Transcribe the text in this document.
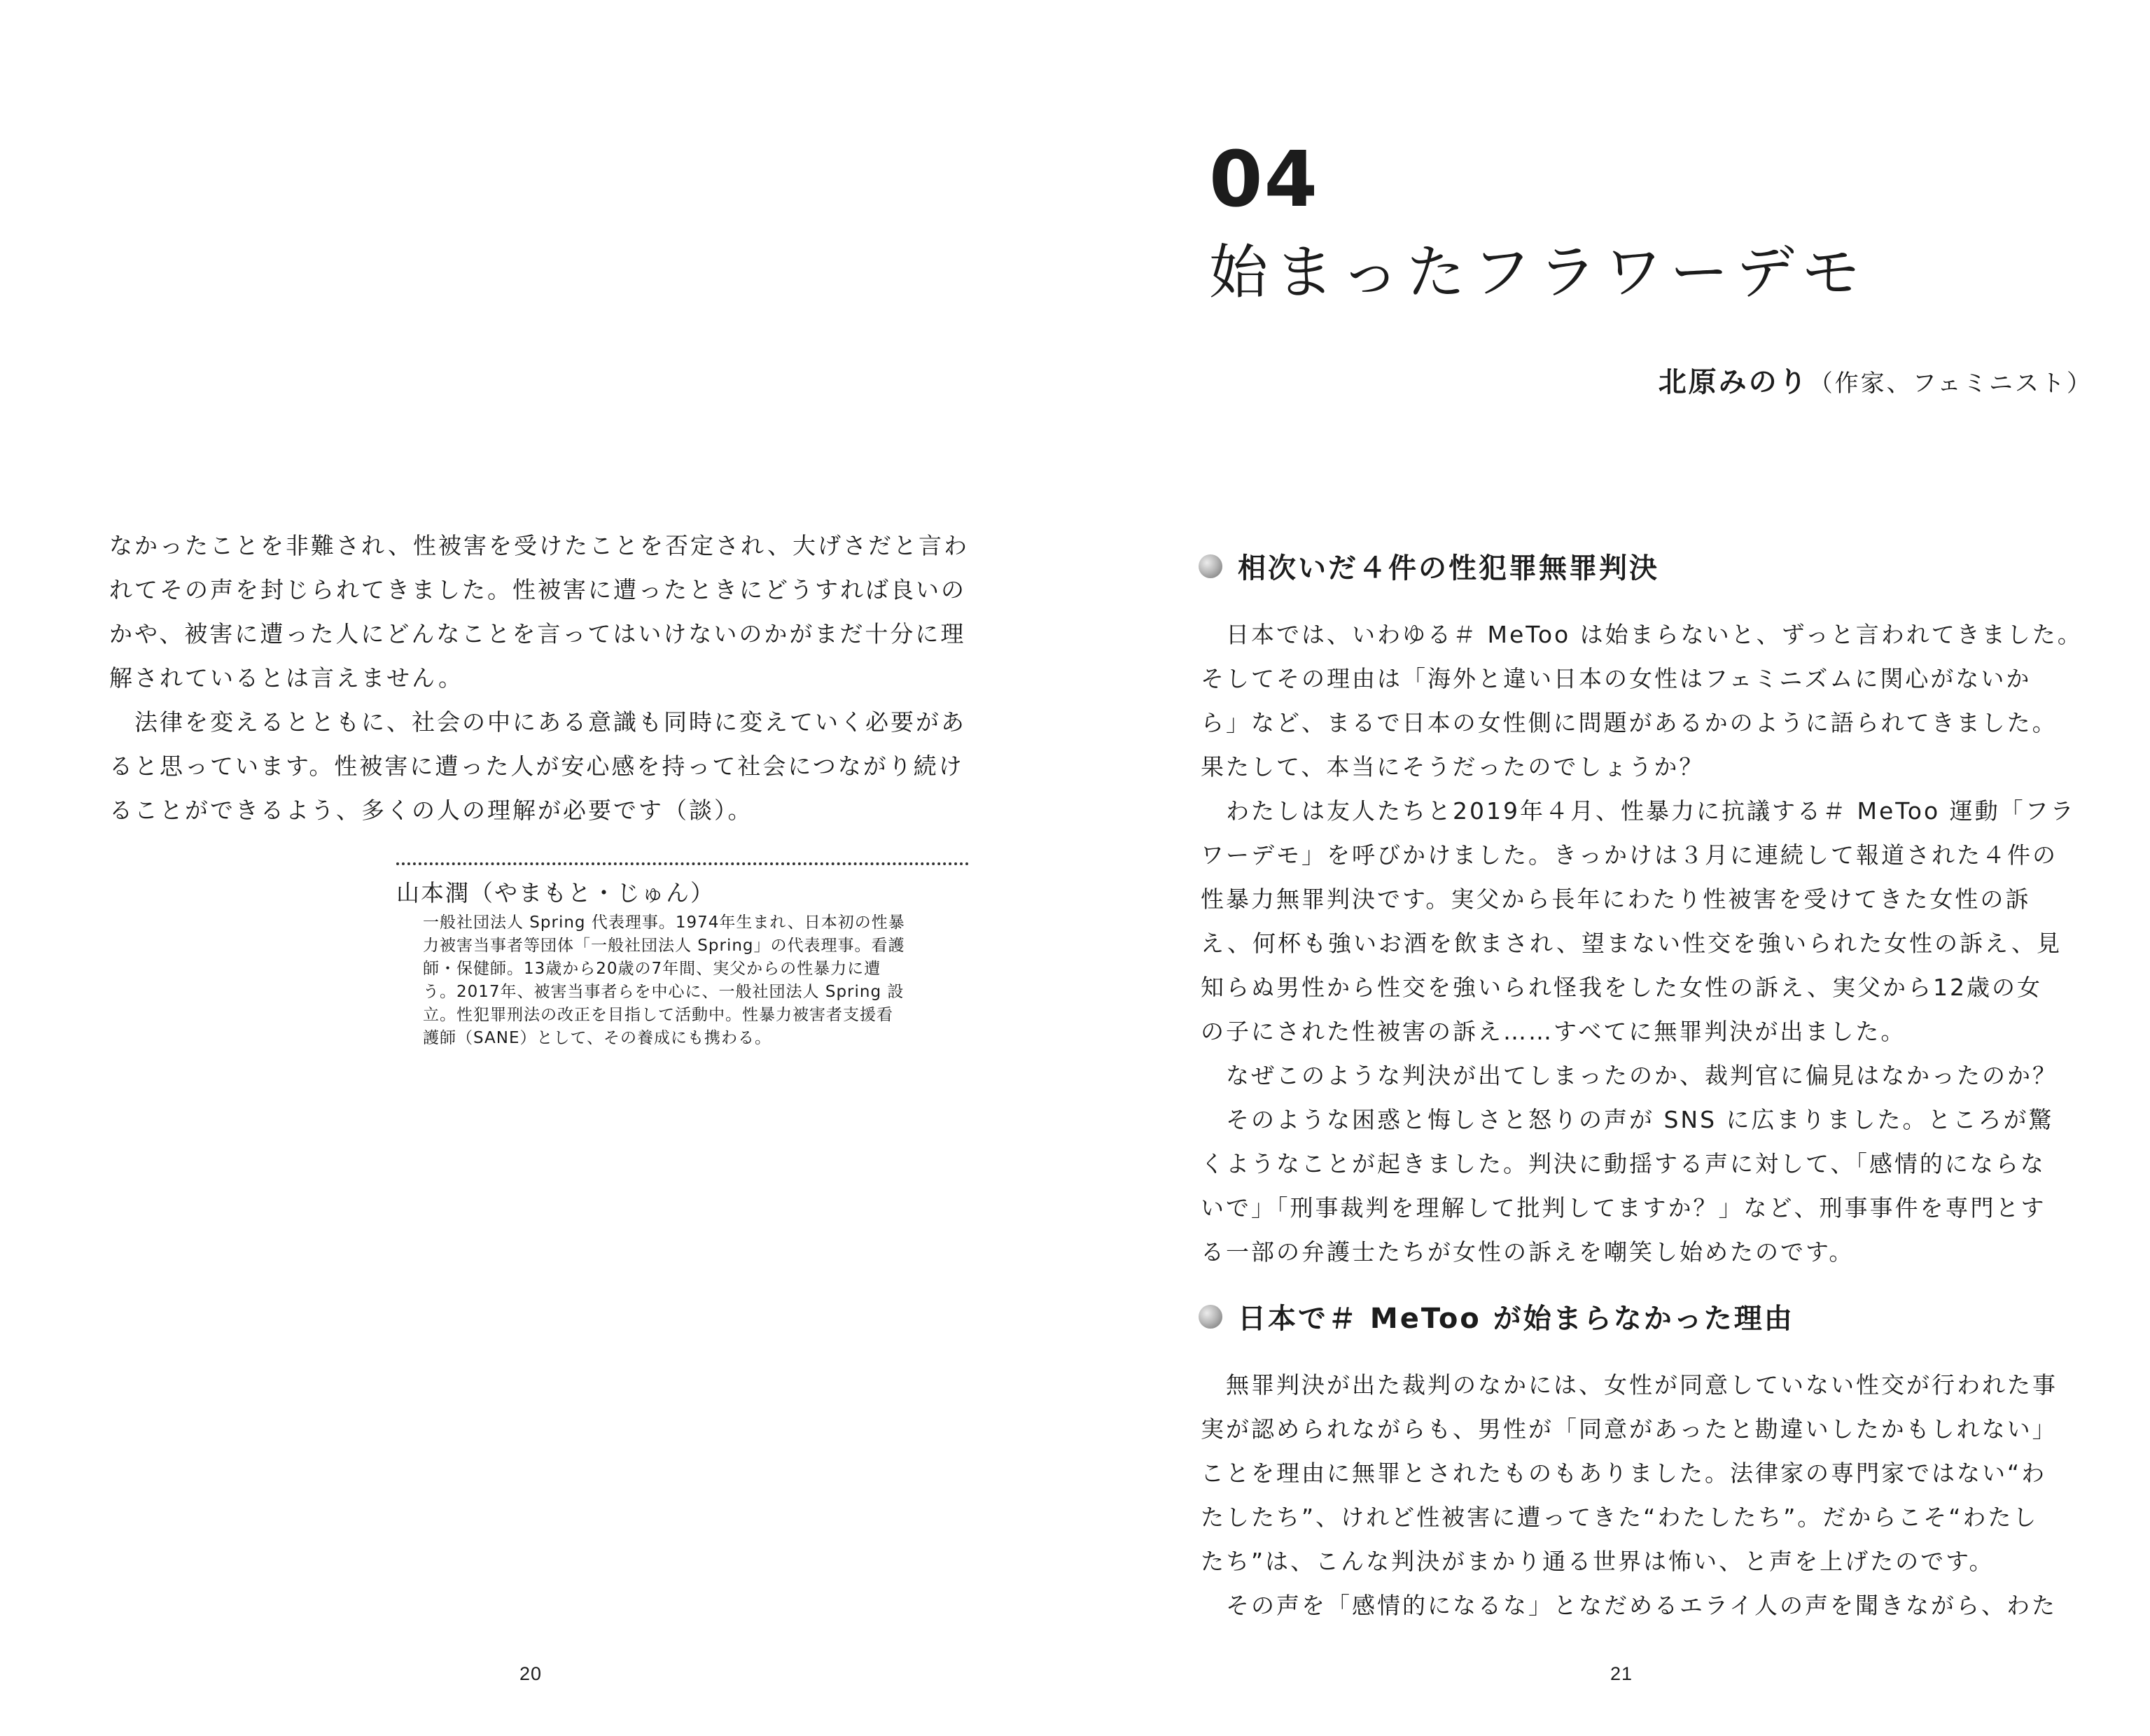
なかったことを非難され、性被害を受けたことを否定され、大げさだと言わ

れてその声を封じられてきました。性被害に遭ったときにどうすれば良いの

かや、被害に遭った人にどんなことを言ってはいけないのかがまだ十分に理

解されているとは言えません。

法律を変えるとともに、社会の中にある意識も同時に変えていく必要があ

ると思っています。性被害に遭った人が安心感を持って社会につながり続け

ることができるよう、多くの人の理解が必要です（談）。

山本潤（やまもと・じゅん）

一般社団法人 Spring 代表理事。1974年生まれ、日本初の性暴

力被害当事者等団体「一般社団法人 Spring」の代表理事。看護

師・保健師。13歳から20歳の7年間、実父からの性暴力に遭

う。2017年、被害当事者らを中心に、一般社団法人 Spring 設

立。性犯罪刑法の改正を目指して活動中。性暴力被害者支援看

護師（SANE）として、その養成にも携わる。

20
04
始まったフラワーデモ
北原みのり（作家、フェミニスト）
相次いだ４件の性犯罪無罪判決

日本では、いわゆる＃ MeToo は始まらないと、ずっと言われてきました。

そしてその理由は「海外と違い日本の女性はフェミニズムに関心がないか

ら」など、まるで日本の女性側に問題があるかのように語られてきました。

果たして、本当にそうだったのでしょうか？

わたしは友人たちと2019年４月、性暴力に抗議する＃ MeToo 運動「フラ

ワーデモ」を呼びかけました。きっかけは３月に連続して報道された４件の

性暴力無罪判決です。実父から長年にわたり性被害を受けてきた女性の訴

え、何杯も強いお酒を飲まされ、望まない性交を強いられた女性の訴え、見

知らぬ男性から性交を強いられ怪我をした女性の訴え、実父から12歳の女

の子にされた性被害の訴え……すべてに無罪判決が出ました。

なぜこのような判決が出てしまったのか、裁判官に偏見はなかったのか？

そのような困惑と悔しさと怒りの声が SNS に広まりました。ところが驚

くようなことが起きました。判決に動揺する声に対して、「感情的にならな

いで」「刑事裁判を理解して批判してますか？」など、刑事事件を専門とす

る一部の弁護士たちが女性の訴えを嘲笑し始めたのです。

日本で＃ MeToo が始まらなかった理由

無罪判決が出た裁判のなかには、女性が同意していない性交が行われた事

実が認められながらも、男性が「同意があったと勘違いしたかもしれない」

ことを理由に無罪とされたものもありました。法律家の専門家ではない“わ

たしたち”、けれど性被害に遭ってきた“わたしたち”。だからこそ“わたし

たち”は、こんな判決がまかり通る世界は怖い、と声を上げたのです。

その声を「感情的になるな」となだめるエライ人の声を聞きながら、わた

21
